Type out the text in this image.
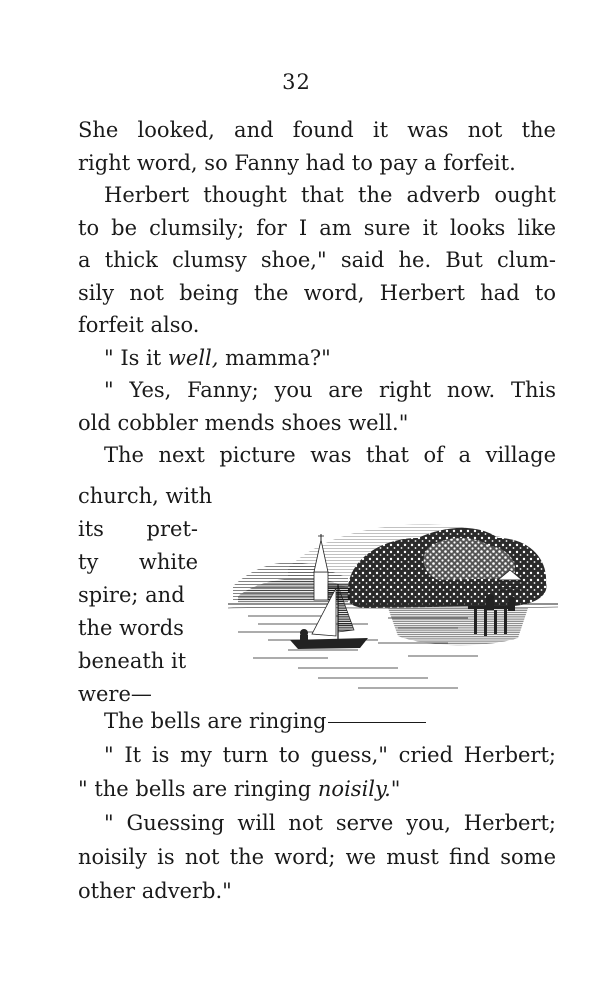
32
She looked, and found it was not the
right word, so Fanny had to pay a forfeit.
Herbert thought that the adverb ought
to be clumsily; for I am sure it looks like
a thick clumsy shoe," said he. But clum-
sily not being the word, Herbert had to
forfeit also.
" Is it well, mamma?"
" Yes, Fanny; you are right now. This
old cobbler mends shoes well."
The next picture was that of a village
church, with
its pret-
ty white
spire; and
the words
beneath it
were—
The bells are ringing
" It is my turn to guess," cried Herbert;
" the bells are ringing noisily."
" Guessing will not serve you, Herbert;
noisily is not the word; we must find some
other adverb."
